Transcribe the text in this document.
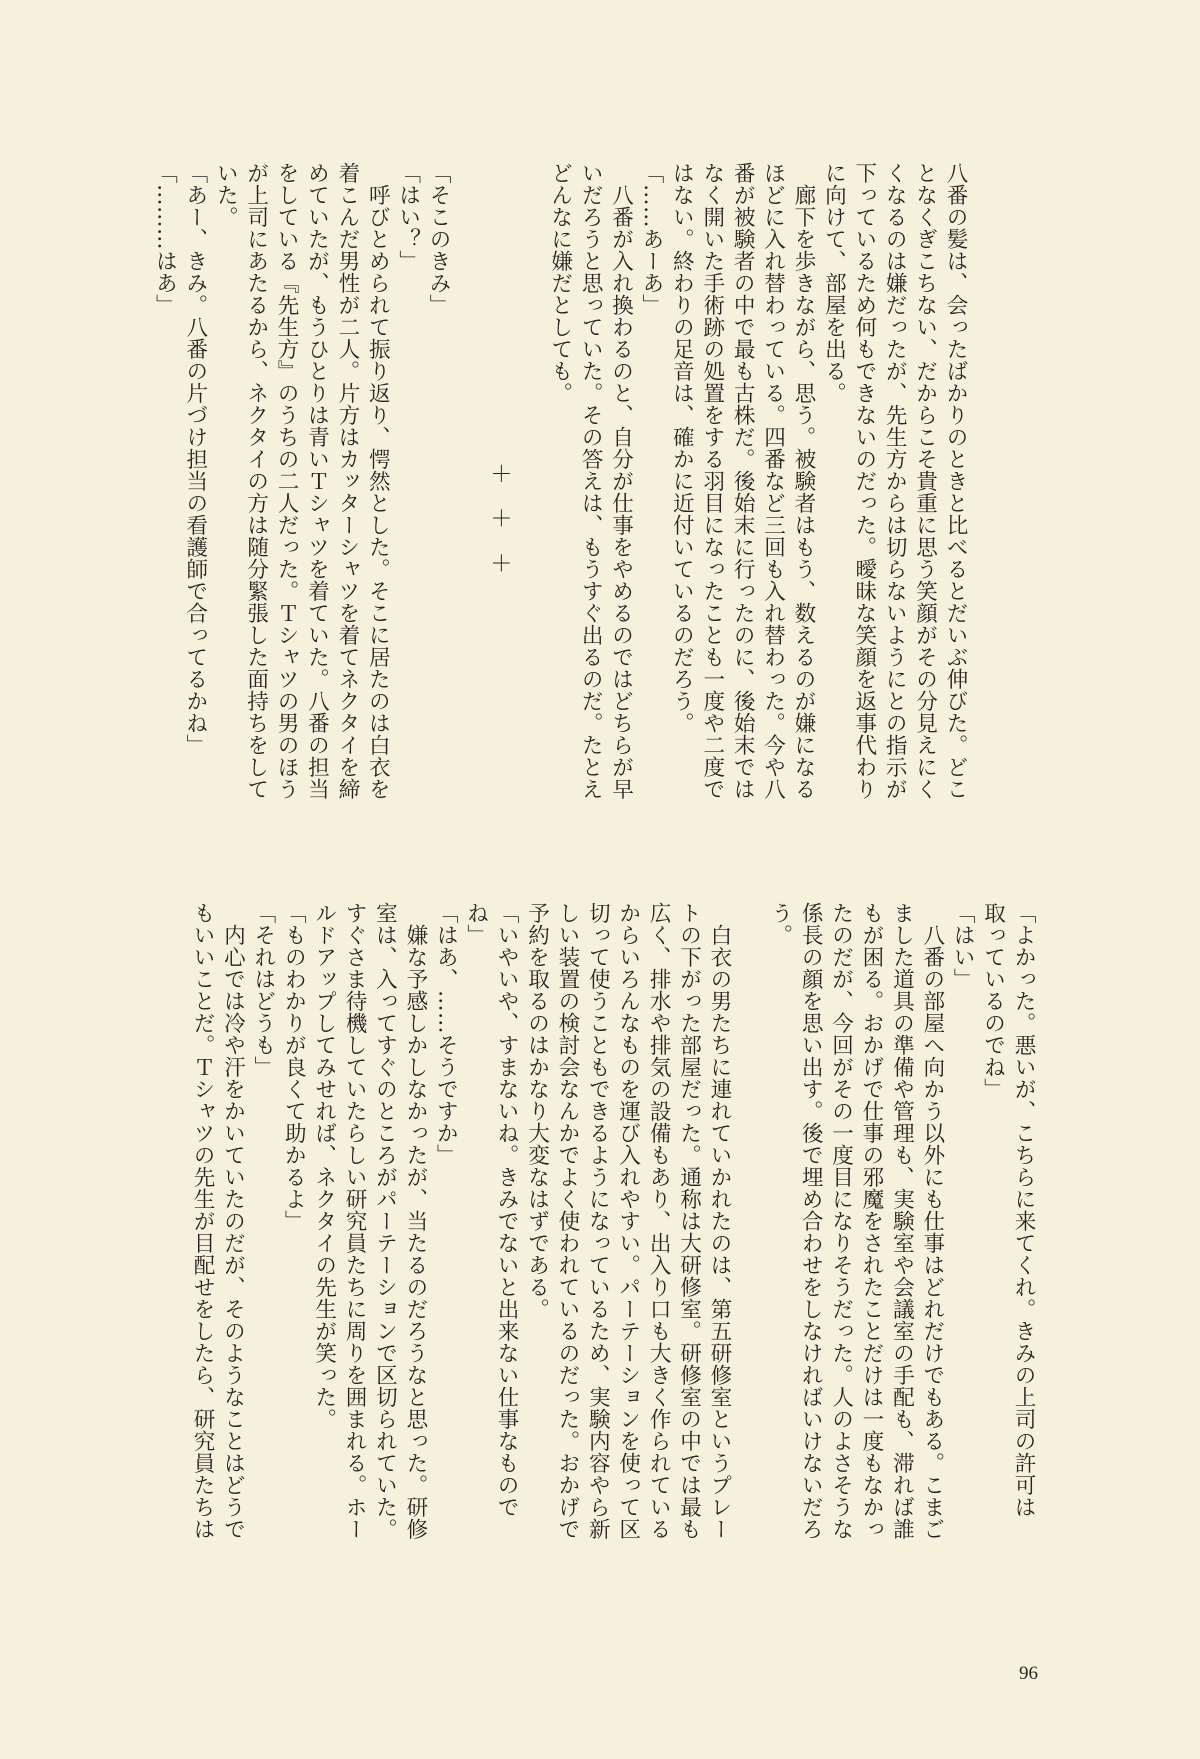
八番の髪は、会ったばかりのときと比べるとだいぶ伸びた。どこ

となくぎこちない、だからこそ貴重に思う笑顔がその分見えにく

くなるのは嫌だったが、先生方からは切らないようにとの指示が

下っているため何もできないのだった。曖昧な笑顔を返事代わり

に向けて、部屋を出る。

　廊下を歩きながら、思う。被験者はもう、数えるのが嫌になる

ほどに入れ替わっている。四番など三回も入れ替わった。今や八

番が被験者の中で最も古株だ。後始末に行ったのに、後始末では

なく開いた手術跡の処置をする羽目になったことも一度や二度で

はない。終わりの足音は、確かに近付いているのだろう。

「……あーあ」

　八番が入れ換わるのと、自分が仕事をやめるのではどちらが早

いだろうと思っていた。その答えは、もうすぐ出るのだ。たとえ

どんなに嫌だとしても。

＋　＋　＋

「そこのきみ」

「はい？」

　呼びとめられて振り返り、愕然とした。そこに居たのは白衣を

着こんだ男性が二人。片方はカッターシャツを着てネクタイを締

めていたが、もうひとりは青いＴシャツを着ていた。八番の担当

をしている『先生方』のうちの二人だった。Ｔシャツの男のほう

が上司にあたるから、ネクタイの方は随分緊張した面持ちをして

いた。

「あー、きみ。八番の片づけ担当の看護師で合ってるかね」

「………はあ」

「よかった。悪いが、こちらに来てくれ。きみの上司の許可は

取っているのでね」

「はい」

　八番の部屋へ向かう以外にも仕事はどれだけでもある。こまご

ました道具の準備や管理も、実験室や会議室の手配も、滞れば誰

もが困る。おかげで仕事の邪魔をされたことだけは一度もなかっ

たのだが、今回がその一度目になりそうだった。人のよさそうな

係長の顔を思い出す。後で埋め合わせをしなければいけないだろ

う。

　白衣の男たちに連れていかれたのは、第五研修室というプレー

トの下がった部屋だった。通称は大研修室。研修室の中では最も

広く、排水や排気の設備もあり、出入り口も大きく作られている

からいろんなものを運び入れやすい。パーテーションを使って区

切って使うこともできるようになっているため、実験内容やら新

しい装置の検討会なんかでよく使われているのだった。おかげで

予約を取るのはかなり大変なはずである。

「いやいや、すまないね。きみでないと出来ない仕事なもので

ね」

「はあ、……そうですか」

　嫌な予感しかしなかったが、当たるのだろうなと思った。研修

室は、入ってすぐのところがパーテーションで区切られていた。

すぐさま待機していたらしい研究員たちに周りを囲まれる。ホー

ルドアップしてみせれば、ネクタイの先生が笑った。

「ものわかりが良くて助かるよ」

「それはどうも」

　内心では冷や汗をかいていたのだが、そのようなことはどうで

もいいことだ。Ｔシャツの先生が目配せをしたら、研究員たちは

96
